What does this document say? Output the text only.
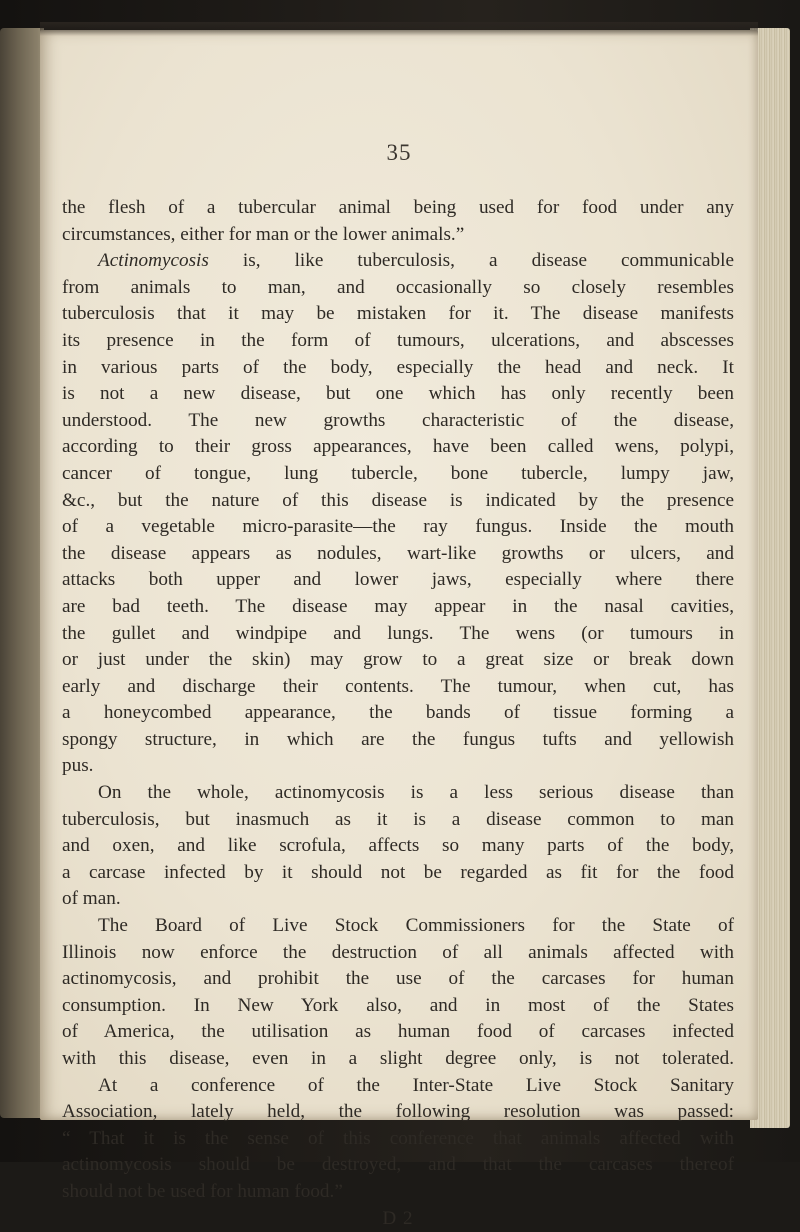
35
the flesh of a tubercular animal being used for food under any
circumstances, either for man or the lower animals.”
Actinomycosis is, like tuberculosis, a disease communicable
from animals to man, and occasionally so closely resembles
tuberculosis that it may be mistaken for it. The disease manifests
its presence in the form of tumours, ulcerations, and abscesses
in various parts of the body, especially the head and neck. It
is not a new disease, but one which has only recently been
understood. The new growths characteristic of the disease,
according to their gross appearances, have been called wens, polypi,
cancer of tongue, lung tubercle, bone tubercle, lumpy jaw,
&c., but the nature of this disease is indicated by the presence
of a vegetable micro-parasite—the ray fungus. Inside the mouth
the disease appears as nodules, wart-like growths or ulcers, and
attacks both upper and lower jaws, especially where there
are bad teeth. The disease may appear in the nasal cavities,
the gullet and windpipe and lungs. The wens (or tumours in
or just under the skin) may grow to a great size or break down
early and discharge their contents. The tumour, when cut, has
a honeycombed appearance, the bands of tissue forming a
spongy structure, in which are the fungus tufts and yellowish
pus.
On the whole, actinomycosis is a less serious disease than
tuberculosis, but inasmuch as it is a disease common to man
and oxen, and like scrofula, affects so many parts of the body,
a carcase infected by it should not be regarded as fit for the food
of man.
The Board of Live Stock Commissioners for the State of
Illinois now enforce the destruction of all animals affected with
actinomycosis, and prohibit the use of the carcases for human
consumption. In New York also, and in most of the States
of America, the utilisation as human food of carcases infected
with this disease, even in a slight degree only, is not tolerated.
At a conference of the Inter-State Live Stock Sanitary
Association, lately held, the following resolution was passed:
“ That it is the sense of this conference that animals affected with
actinomycosis should be destroyed, and that the carcases thereof
should not be used for human food.”
D 2
